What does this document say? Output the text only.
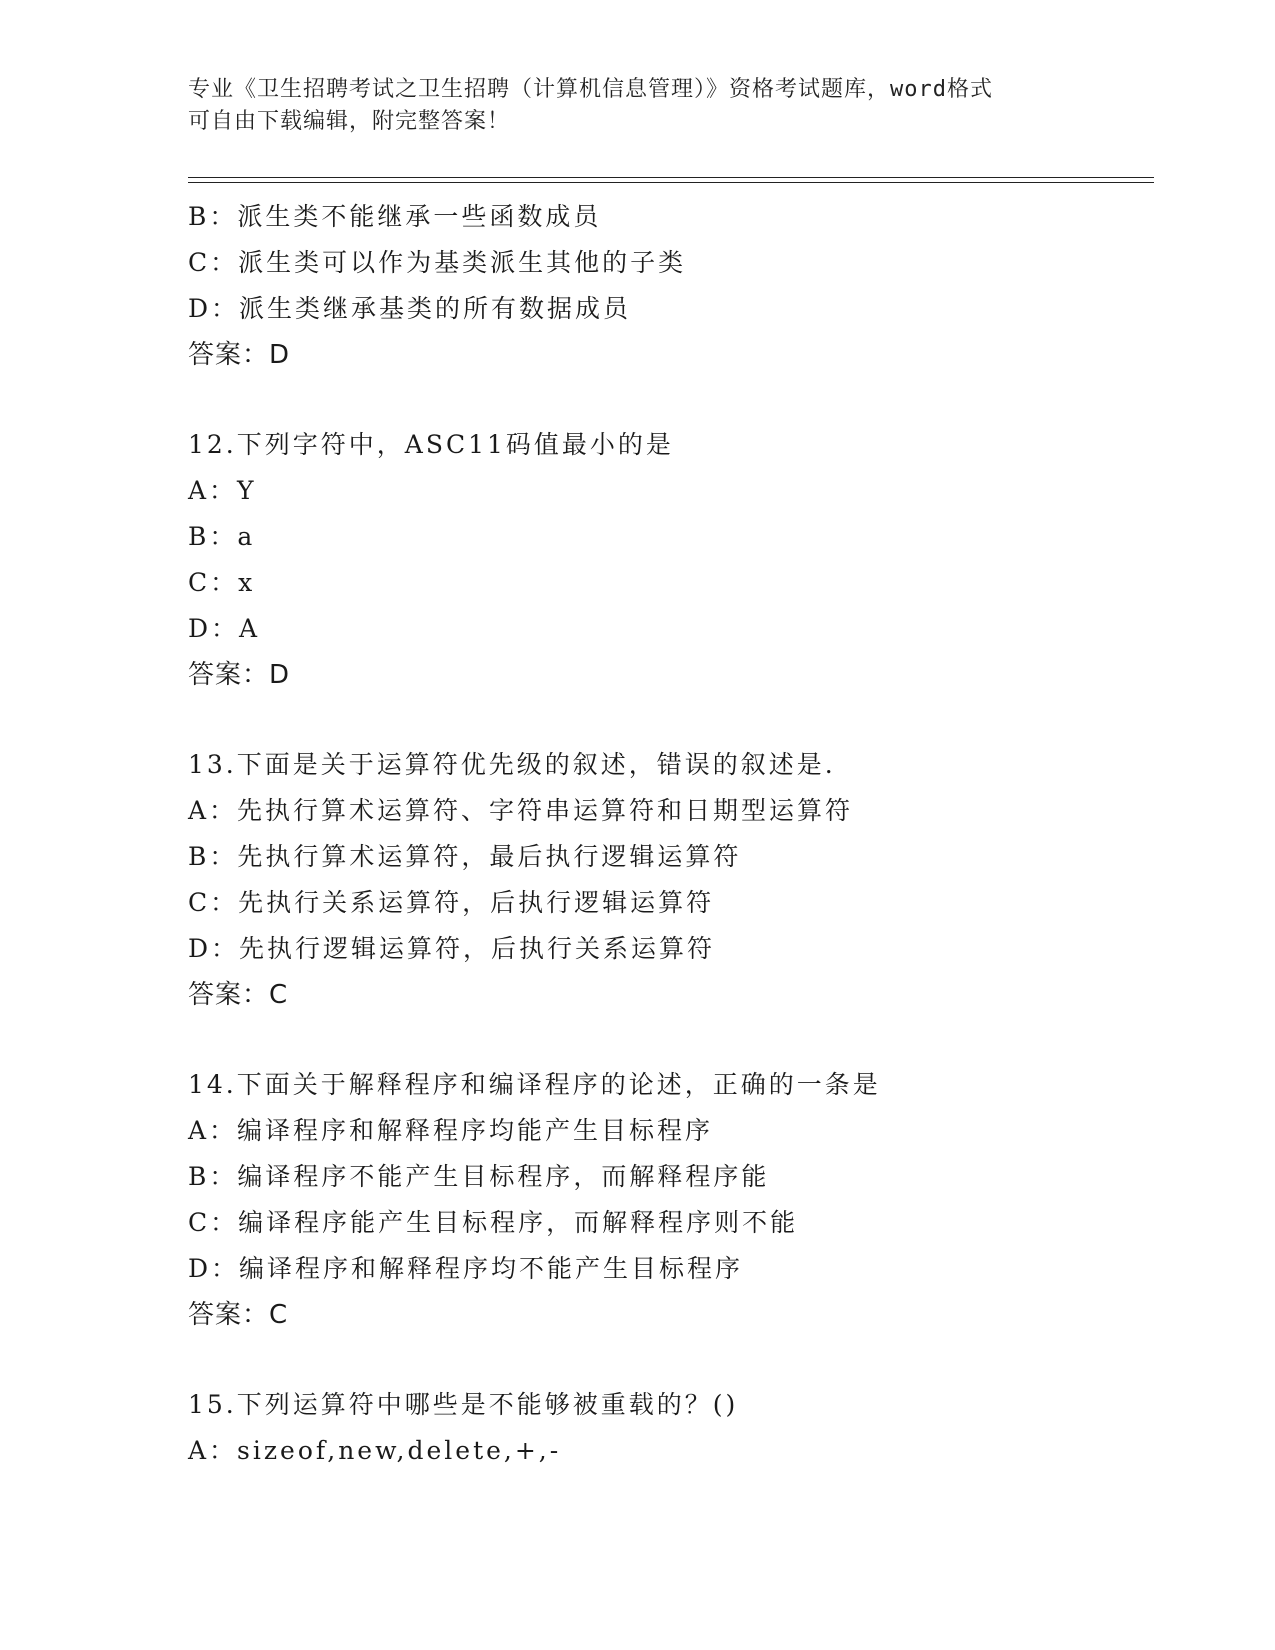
专业《卫生招聘考试之卫生招聘（计算机信息管理）》资格考试题库，word格式
可自由下载编辑，附完整答案！
B：派生类不能继承一些函数成员
C：派生类可以作为基类派生其他的子类
D：派生类继承基类的所有数据成员
答案：D
12.下列字符中，ASC11码值最小的是
A：Y
B：a
C：x
D：A
答案：D
13.下面是关于运算符优先级的叙述，错误的叙述是.
A：先执行算术运算符、字符串运算符和日期型运算符
B：先执行算术运算符，最后执行逻辑运算符
C：先执行关系运算符，后执行逻辑运算符
D：先执行逻辑运算符，后执行关系运算符
答案：C
14.下面关于解释程序和编译程序的论述，正确的一条是
A：编译程序和解释程序均能产生目标程序
B：编译程序不能产生目标程序，而解释程序能
C：编译程序能产生目标程序，而解释程序则不能
D：编译程序和解释程序均不能产生目标程序
答案：C
15.下列运算符中哪些是不能够被重载的？()
A：sizeof,new,delete,+,-
